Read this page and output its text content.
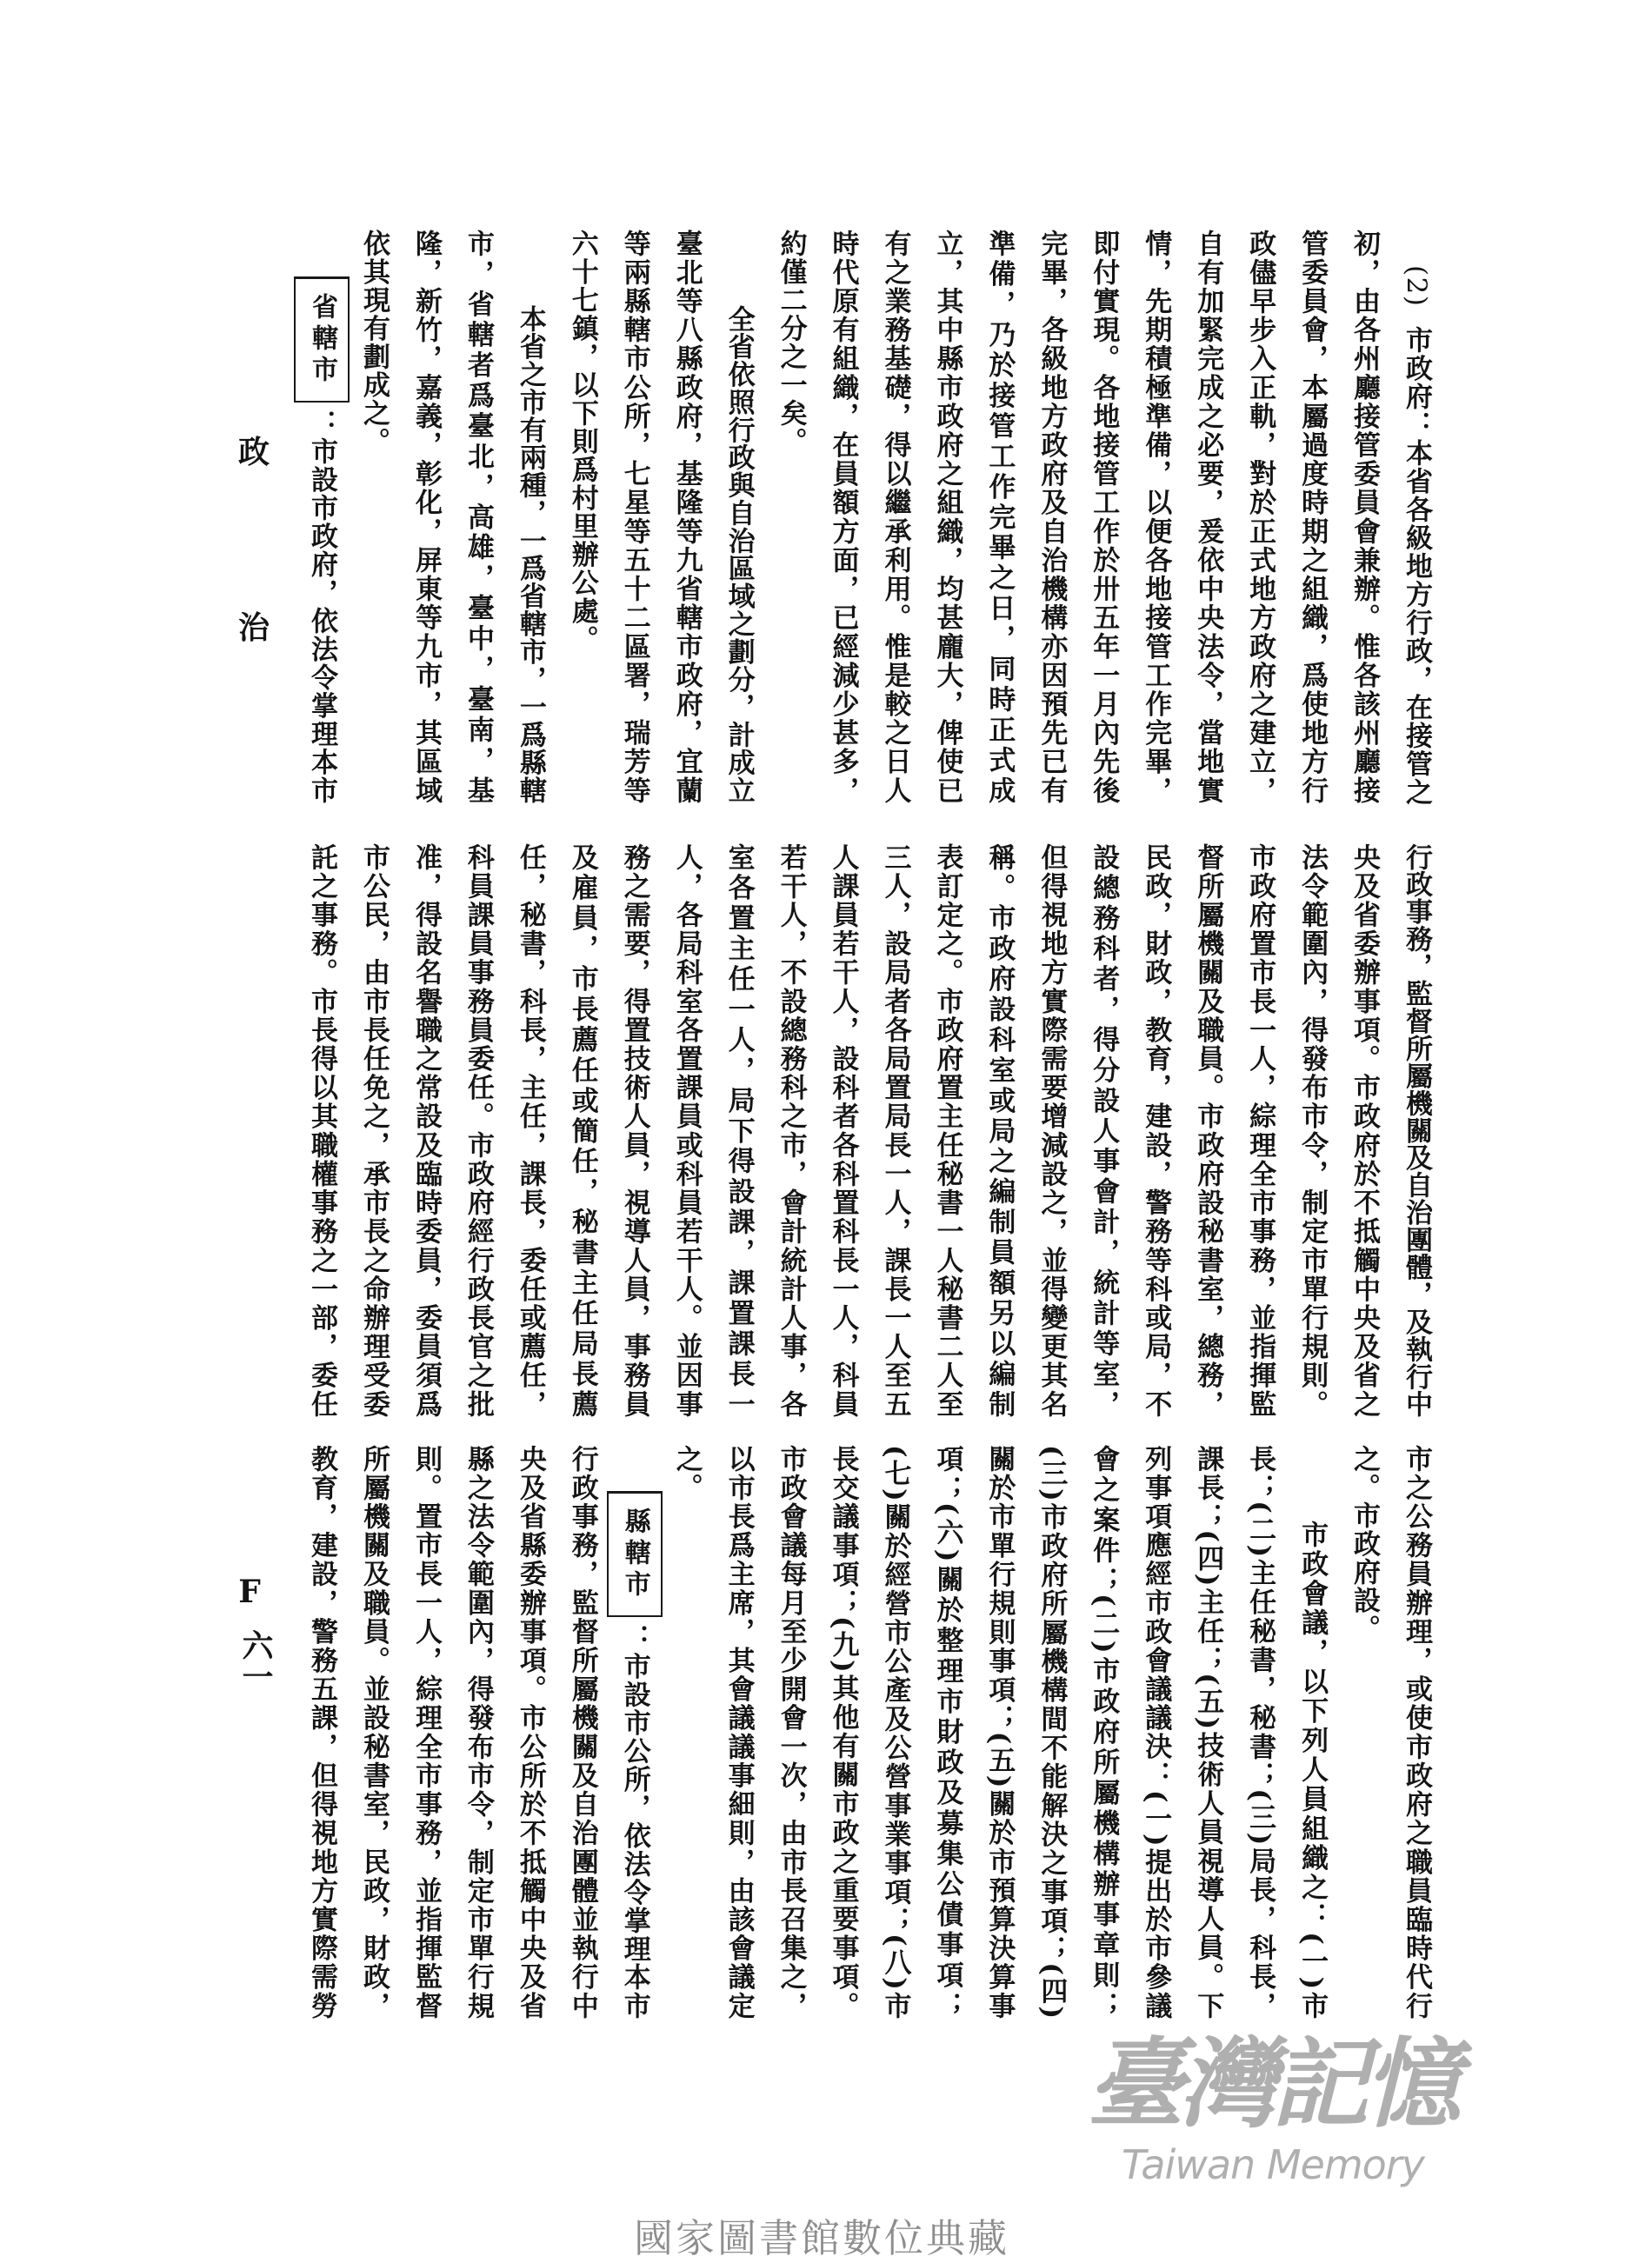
政
治
F
六一
(2)市政府：本省各級地方行政，在接管之
初，由各州廳接管委員會兼辦。惟各該州廳接
管委員會，本屬過度時期之組織，爲使地方行
政儘早步入正軌，對於正式地方政府之建立，
自有加緊完成之必要，爰依中央法令，當地實
情，先期積極準備，以便各地接管工作完畢，
即付實現。各地接管工作於卅五年一月內先後
完畢，各級地方政府及自治機構亦因預先已有
準備，乃於接管工作完畢之日，同時正式成
立，其中縣市政府之組織，均甚龐大，俾使已
有之業務基礎，得以繼承利用。惟是較之日人
時代原有組織，在員額方面，已經減少甚多，
約僅二分之一矣。
全省依照行政與自治區域之劃分，計成立
臺北等八縣政府，基隆等九省轄市政府，宜蘭
等兩縣轄市公所，七星等五十二區署，瑞芳等
六十七鎮，以下則爲村里辦公處。
本省之市有兩種，一爲省轄市，一爲縣轄
市，省轄者爲臺北，高雄，臺中，臺南，基
隆，新竹，嘉義，彰化，屏東等九市，其區域
依其現有劃成之。
省轄市
：市設市政府，依法令掌理本市
行政事務，監督所屬機關及自治團體，及執行中
央及省委辦事項。市政府於不抵觸中央及省之
法令範圍內，得發布市令，制定市單行規則。
市政府置市長一人，綜理全市事務，並指揮監
督所屬機關及職員。市政府設秘書室，總務，
民政，財政，教育，建設，警務等科或局，不
設總務科者，得分設人事會計，統計等室，
但得視地方實際需要增減設之，並得變更其名
稱。市政府設科室或局之編制員額另以編制
表訂定之。市政府置主任秘書一人秘書二人至
三人，設局者各局置局長一人，課長一人至五
人課員若干人，設科者各科置科長一人，科員
若干人，不設總務科之市，會計統計人事，各
室各置主任一人，局下得設課，課置課長一
人，各局科室各置課員或科員若干人。並因事
務之需要，得置技術人員，視導人員，事務員
及雇員，市長薦任或簡任，秘書主任局長薦
任，秘書，科長，主任，課長，委任或薦任，
科員課員事務員委任。市政府經行政長官之批
准，得設名譽職之常設及臨時委員，委員須爲
市公民，由市長任免之，承市長之命辦理受委
託之事務。市長得以其職權事務之一部，委任
市之公務員辦理，或使市政府之職員臨時代行
之。市政府設。
市政會議，以下列人員組織之：(一)市
長；(二)主任秘書，秘書；(三)局長，科長，
課長；(四)主任；(五)技術人員視導人員。下
列事項應經市政會議議決：(一)提出於市參議
會之案件；(二)市政府所屬機構辦事章則；
(三)市政府所屬機構間不能解決之事項；(四)
關於市單行規則事項；(五)關於市預算決算事
項；(六)關於整理市財政及募集公債事項；
(七)關於經營市公產及公營事業事項；(八)市
長交議事項；(九)其他有關市政之重要事項。
市政會議每月至少開會一次，由市長召集之，
以市長爲主席，其會議議事細則，由該會議定
之。
縣轄市
：市設市公所，依法令掌理本市
行政事務，監督所屬機關及自治團體並執行中
央及省縣委辦事項。市公所於不抵觸中央及省
縣之法令範圍內，得發布市令，制定市單行規
則。置市長一人，綜理全市事務，並指揮監督
所屬機關及職員。並設秘書室，民政，財政，
教育，建設，警務五課，但得視地方實際需勞
臺灣記憶
Taiwan Memory
國家圖書館數位典藏
